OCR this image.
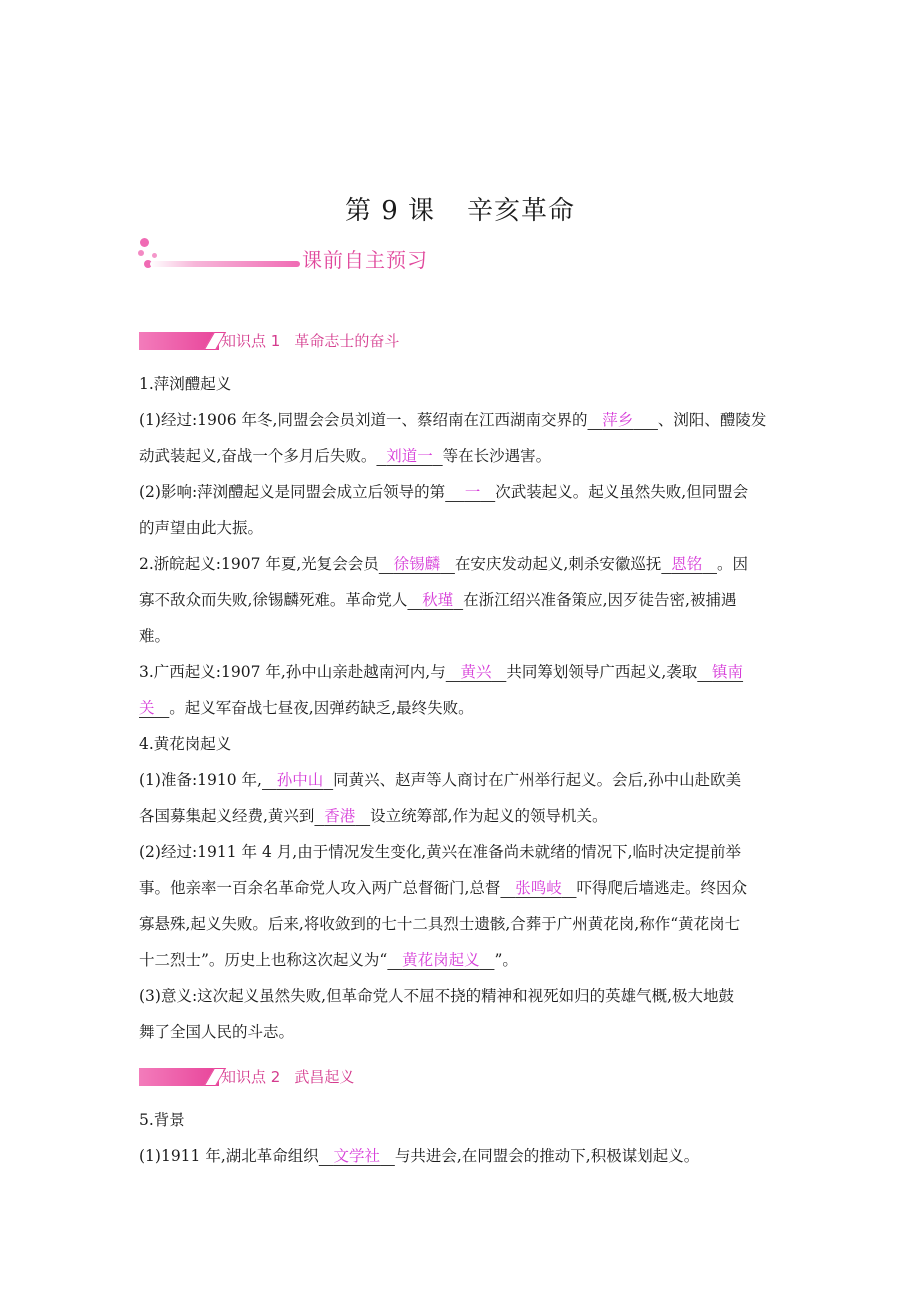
第 9 课 辛亥革命
课前自主预习
知识点 1 革命志士的奋斗
1.萍浏醴起义
(1)经过:1906 年冬,同盟会会员刘道一、蔡绍南在江西湖南交界的 萍乡 、浏阳、醴陵发
动武装起义,奋战一个多月后失败。 刘道一 等在长沙遇害。
(2)影响:萍浏醴起义是同盟会成立后领导的第 一 次武装起义。起义虽然失败,但同盟会
的声望由此大振。
2.浙皖起义:1907 年夏,光复会会员 徐锡麟 在安庆发动起义,刺杀安徽巡抚 恩铭 。因
寡不敌众而失败,徐锡麟死难。革命党人 秋瑾 在浙江绍兴准备策应,因歹徒告密,被捕遇
难。
3.广西起义:1907 年,孙中山亲赴越南河内,与 黄兴 共同筹划领导广西起义,袭取 镇南
关 。起义军奋战七昼夜,因弹药缺乏,最终失败。
4.黄花岗起义
(1)准备:1910 年, 孙中山 同黄兴、赵声等人商讨在广州举行起义。会后,孙中山赴欧美
各国募集起义经费,黄兴到 香港 设立统筹部,作为起义的领导机关。
(2)经过:1911 年 4 月,由于情况发生变化,黄兴在准备尚未就绪的情况下,临时决定提前举
事。他亲率一百余名革命党人攻入两广总督衙门,总督 张鸣岐 吓得爬后墙逃走。终因众
寡悬殊,起义失败。后来,将收敛到的七十二具烈士遗骸,合葬于广州黄花岗,称作“黄花岗七
十二烈士”。历史上也称这次起义为“ 黄花岗起义 ”。
(3)意义:这次起义虽然失败,但革命党人不屈不挠的精神和视死如归的英雄气概,极大地鼓
舞了全国人民的斗志。
知识点 2 武昌起义
5.背景
(1)1911 年,湖北革命组织 文学社 与共进会,在同盟会的推动下,积极谋划起义。
